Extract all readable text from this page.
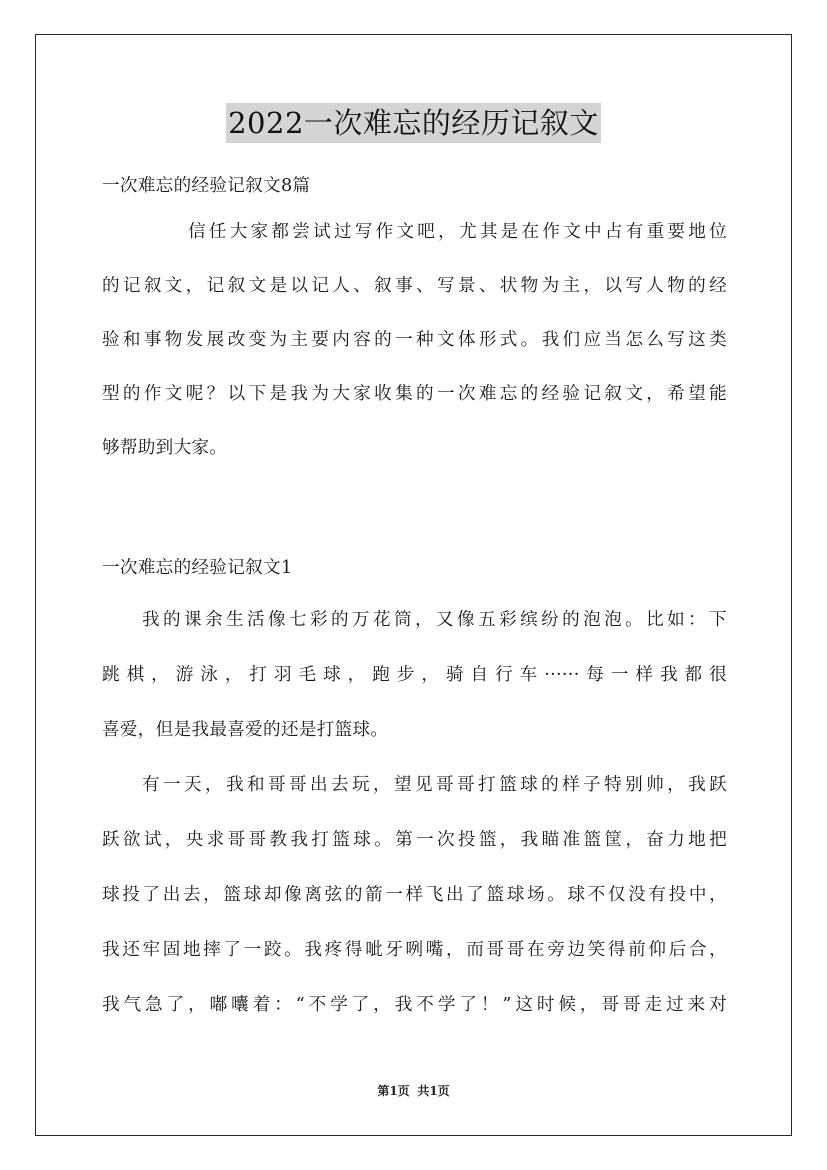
2022一次难忘的经历记叙文
一次难忘的经验记叙文8篇
信任大家都尝试过写作文吧，尤其是在作文中占有重要地位
的记叙文，记叙文是以记人、叙事、写景、状物为主，以写人物的经
验和事物发展改变为主要内容的一种文体形式。我们应当怎么写这类
型的作文呢？以下是我为大家收集的一次难忘的经验记叙文，希望能
够帮助到大家。
一次难忘的经验记叙文1
我的课余生活像七彩的万花筒，又像五彩缤纷的泡泡。比如：下
跳棋，游泳，打羽毛球，跑步，骑自行车······每一样我都很
喜爱，但是我最喜爱的还是打篮球。
有一天，我和哥哥出去玩，望见哥哥打篮球的样子特别帅，我跃
跃欲试，央求哥哥教我打篮球。第一次投篮，我瞄准篮筐，奋力地把
球投了出去，篮球却像离弦的箭一样飞出了篮球场。球不仅没有投中，
我还牢固地摔了一跤。我疼得呲牙咧嘴，而哥哥在旁边笑得前仰后合，
我气急了，嘟囔着：“不学了，我不学了！”这时候，哥哥走过来对
第1页 共1页
